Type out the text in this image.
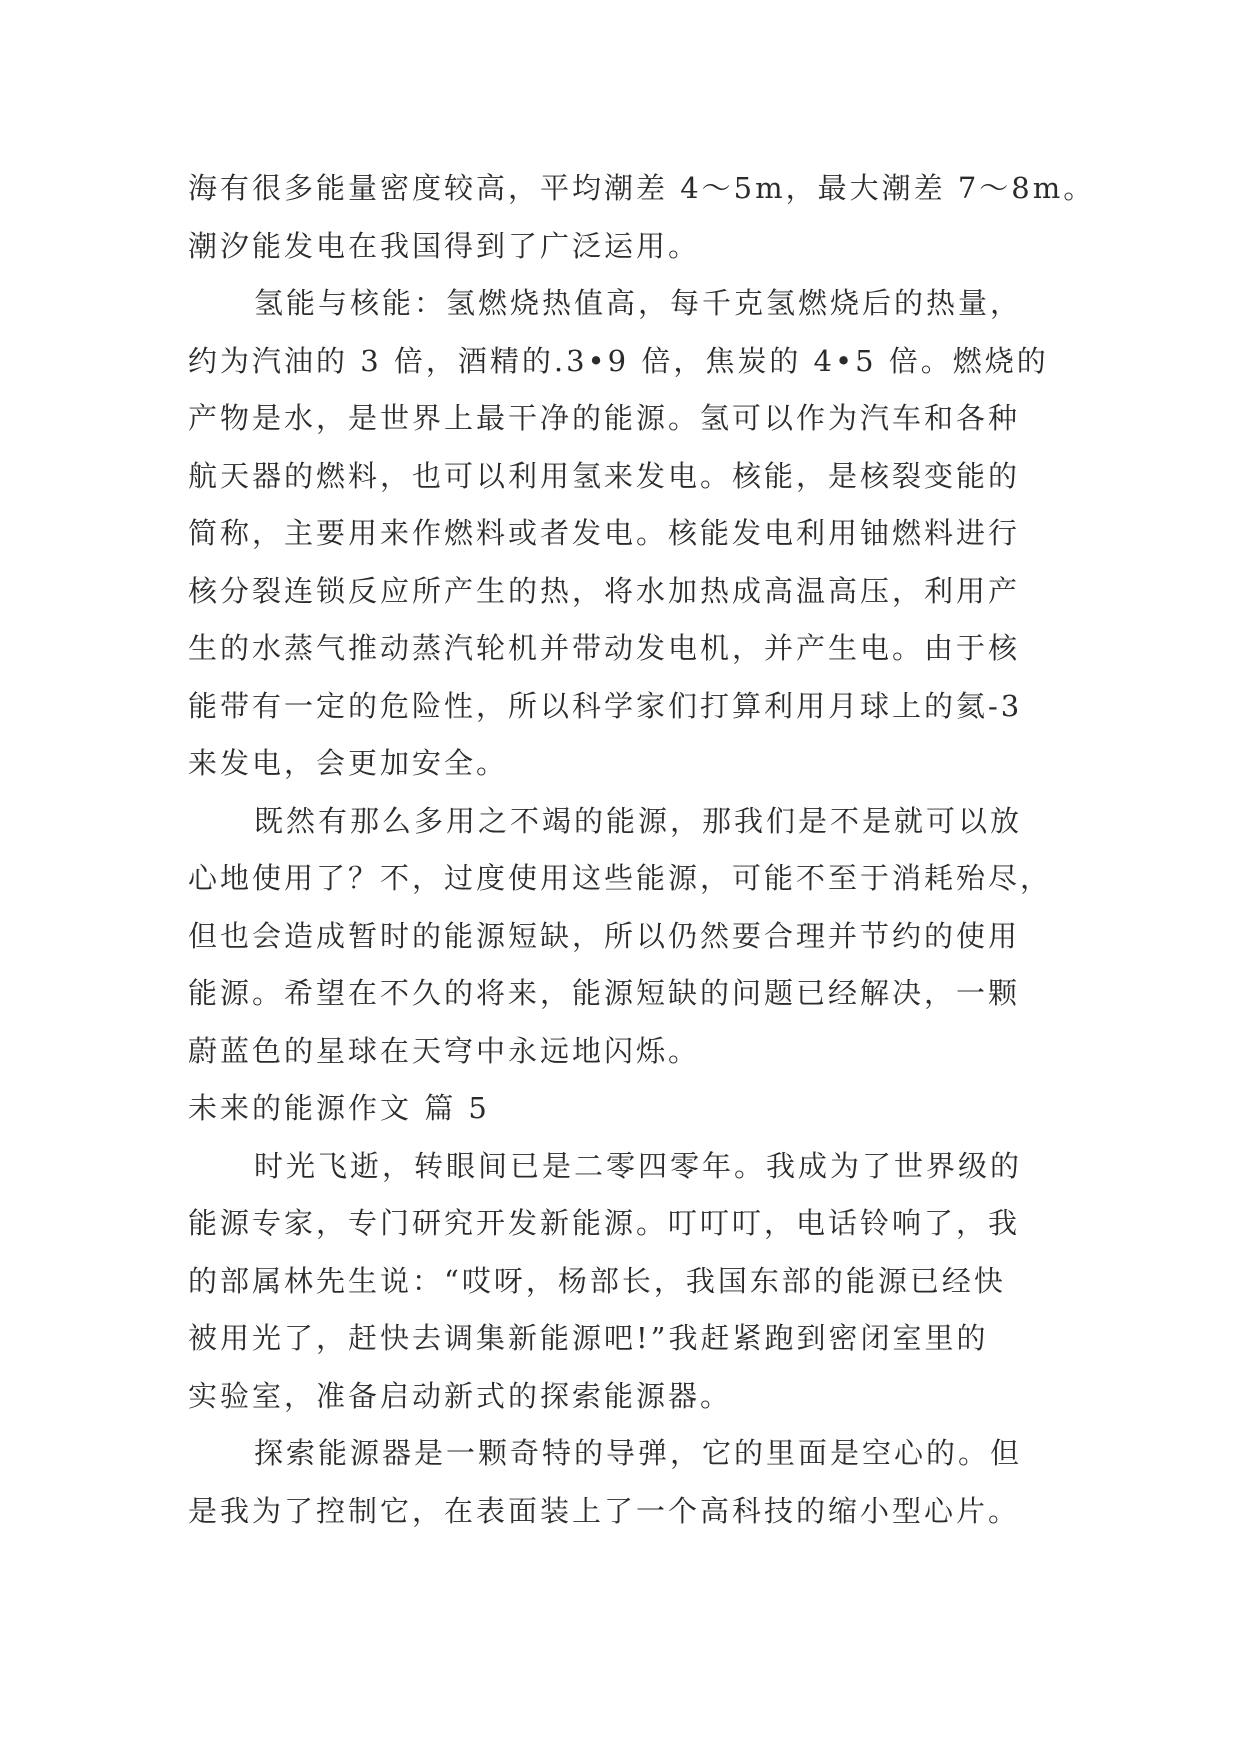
海有很多能量密度较高，平均潮差 4～5m，最大潮差 7～8m。
潮汐能发电在我国得到了广泛运用。
氢能与核能：氢燃烧热值高，每千克氢燃烧后的热量，
约为汽油的 3 倍，酒精的.3•9 倍，焦炭的 4•5 倍。燃烧的
产物是水，是世界上最干净的能源。氢可以作为汽车和各种
航天器的燃料，也可以利用氢来发电。核能，是核裂变能的
简称，主要用来作燃料或者发电。核能发电利用铀燃料进行
核分裂连锁反应所产生的热，将水加热成高温高压，利用产
生的水蒸气推动蒸汽轮机并带动发电机，并产生电。由于核
能带有一定的危险性，所以科学家们打算利用月球上的氦-3
来发电，会更加安全。
既然有那么多用之不竭的能源，那我们是不是就可以放
心地使用了？不，过度使用这些能源，可能不至于消耗殆尽，
但也会造成暂时的能源短缺，所以仍然要合理并节约的使用
能源。希望在不久的将来，能源短缺的问题已经解决，一颗
蔚蓝色的星球在天穹中永远地闪烁。
未来的能源作文 篇 5
时光飞逝，转眼间已是二零四零年。我成为了世界级的
能源专家，专门研究开发新能源。叮叮叮，电话铃响了，我
的部属林先生说：“哎呀，杨部长，我国东部的能源已经快
被用光了，赶快去调集新能源吧!”我赶紧跑到密闭室里的
实验室，准备启动新式的探索能源器。
探索能源器是一颗奇特的导弹，它的里面是空心的。但
是我为了控制它，在表面装上了一个高科技的缩小型心片。
